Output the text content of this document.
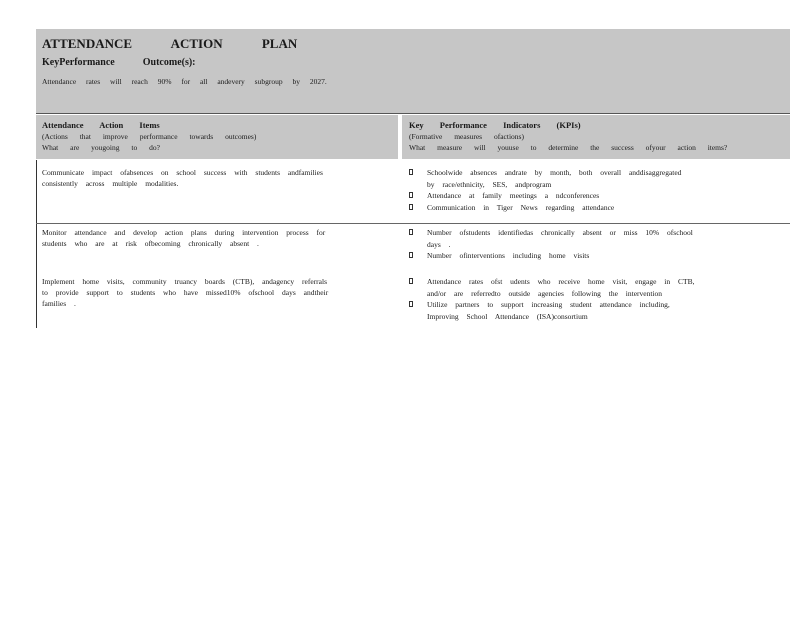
ATTENDANCE ACTION PLAN
KeyPerformance	Outcome(s):
Attendance rates will reach 90% for all andevery subgroup by 2027.
Attendance Action Items
(Actions that improve performance towards outcomes)
What are yougoing to do?
Key Performance Indicators (KPIs)
(Formative measures ofactions)
What measure will youuse to determine the success ofyour action items?
Communicate impact ofabsences on school success with students andfamilies
consistently across multiple modalities.
Schoolwide absences andrate by month, both overall anddisaggregated
by race/ethnicity, SES, andprogram
Attendance at family meetings a ndconferences
Communication in Tiger News regarding attendance
Monitor attendance and develop action plans during intervention process for
students who are at risk ofbecoming chronically absent .
Number ofstudents identifiedas chronically absent or miss 10% ofschool
days .
Number ofinterventions including home visits
Implement home visits, community truancy boards (CTB), andagency referrals
to provide support to students who have missed10% ofschool days andtheir
families .
Attendance rates ofst udents who receive home visit, engage in CTB,
and/or are referredto outside agencies following the intervention
Utilize partners to support increasing student attendance including,
Improving School Attendance (ISA)consortium
